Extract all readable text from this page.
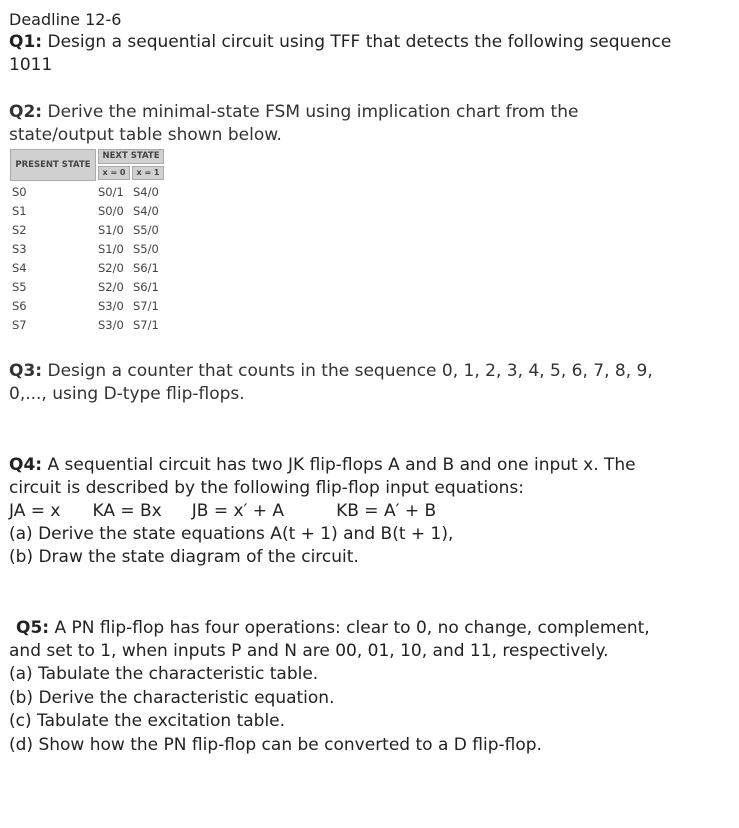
Deadline 12-6
Q1: Design a sequential circuit using TFF that detects the following sequence
1011
Q2: Derive the minimal-state FSM using implication chart from the
state/output table shown below.
PRESENT STATE
NEXT STATE
x = 0	x = 1
S0	S0/1 S4/0
S1	S0/0 S4/0
S2	S1/0 S5/0
S3	S1/0 S5/0
S4	S2/0 S6/1
S5	S2/0 S6/1
S6	S3/0 S7/1
S7	S3/0 S7/1
Q3: Design a counter that counts in the sequence 0, 1, 2, 3, 4, 5, 6, 7, 8, 9,
0,..., using D-type flip-flops.
Q4: A sequential circuit has two JK flip-flops A and B and one input x. The
circuit is described by the following flip-flop input equations:
JA = x KA = Bx JB = x′ + A	KB = A′ + B
(a) Derive the state equations A(t + 1) and B(t + 1),
(b) Draw the state diagram of the circuit.
Q5: A PN flip-flop has four operations: clear to 0, no change, complement,
and set to 1, when inputs P and N are 00, 01, 10, and 11, respectively.
(a) Tabulate the characteristic table.
(b) Derive the characteristic equation.
(c) Tabulate the excitation table.
(d) Show how the PN flip-flop can be converted to a D flip-flop.
